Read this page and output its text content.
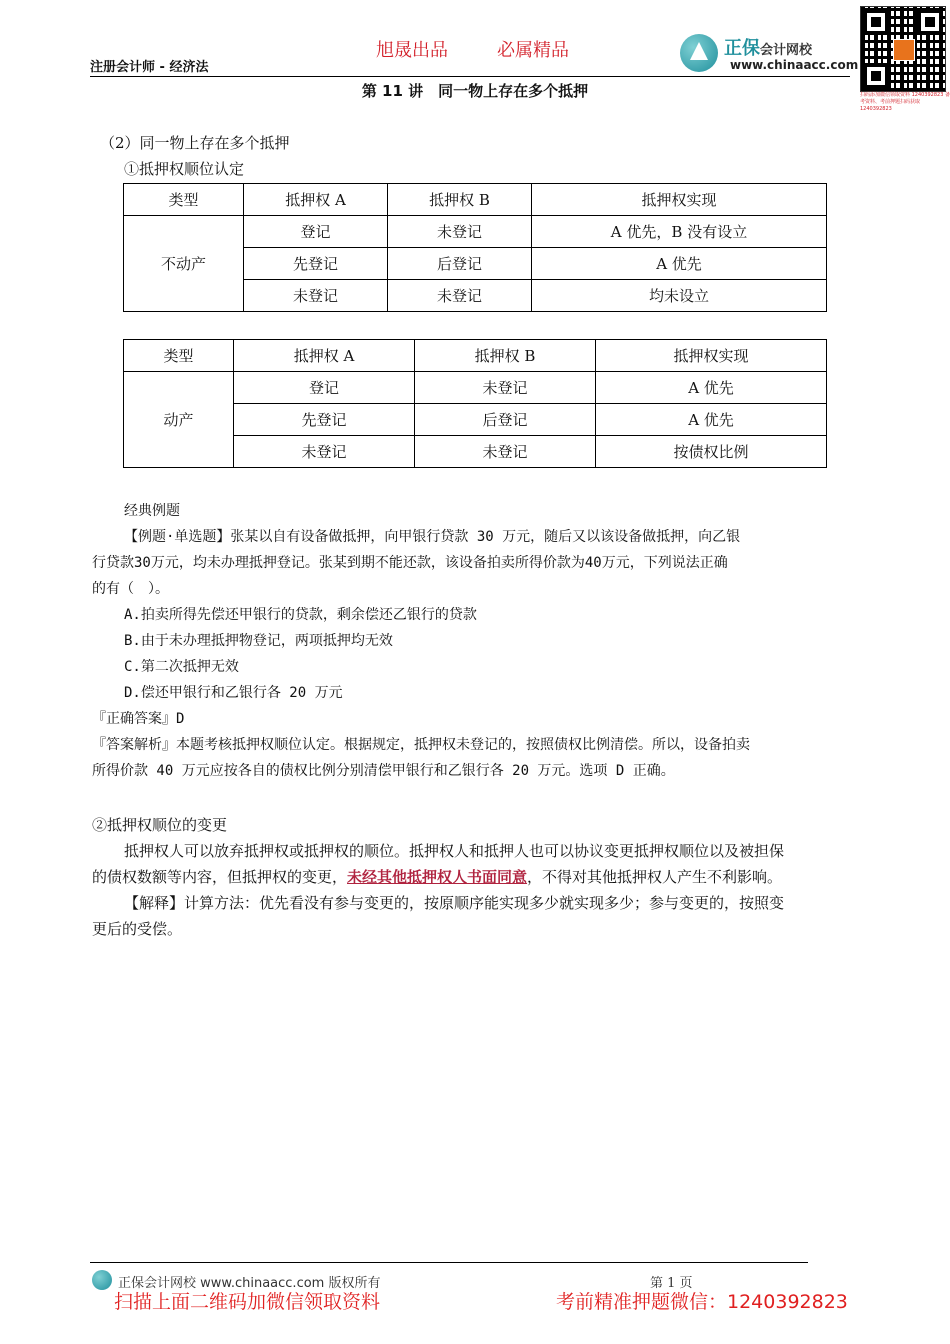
旭晟出品	必属精品
注册会计师 - 经济法
正保会计网校
www.chinaacc.com
扫码添加微信领取资料 1240392823 备考资料、考前押题扫码获取 1240392823
第 11 讲　同一物上存在多个抵押
（2）同一物上存在多个抵押
①抵押权顺位认定
类型	抵押权 A	抵押权 B	抵押权实现
不动产	登记	未登记	A 优先，B 没有设立
	先登记	后登记	A 优先
	未登记	未登记	均未设立
类型	抵押权 A	抵押权 B	抵押权实现
动产	登记	未登记	A 优先
	先登记	后登记	A 优先
	未登记	未登记	按债权比例
经典例题
【例题·单选题】张某以自有设备做抵押，向甲银行贷款 30 万元，随后又以该设备做抵押，向乙银
行贷款30万元，均未办理抵押登记。张某到期不能还款，该设备拍卖所得价款为40万元，下列说法正确
的有（　）。
A.拍卖所得先偿还甲银行的贷款，剩余偿还乙银行的贷款
B.由于未办理抵押物登记，两项抵押均无效
C.第二次抵押无效
D.偿还甲银行和乙银行各 20 万元
『正确答案』D
『答案解析』本题考核抵押权顺位认定。根据规定，抵押权未登记的，按照债权比例清偿。所以，设备拍卖
所得价款 40 万元应按各自的债权比例分别清偿甲银行和乙银行各 20 万元。选项 D 正确。
②抵押权顺位的变更
抵押权人可以放弃抵押权或抵押权的顺位。抵押权人和抵押人也可以协议变更抵押权顺位以及被担保
的债权数额等内容，但抵押权的变更，未经其他抵押权人书面同意，不得对其他抵押权人产生不利影响。
【解释】计算方法：优先看没有参与变更的，按原顺序能实现多少就实现多少；参与变更的，按照变
更后的受偿。
正保会计网校 www.chinaacc.com 版权所有	第 1 页
扫描上面二维码加微信领取资料	考前精准押题微信：1240392823
